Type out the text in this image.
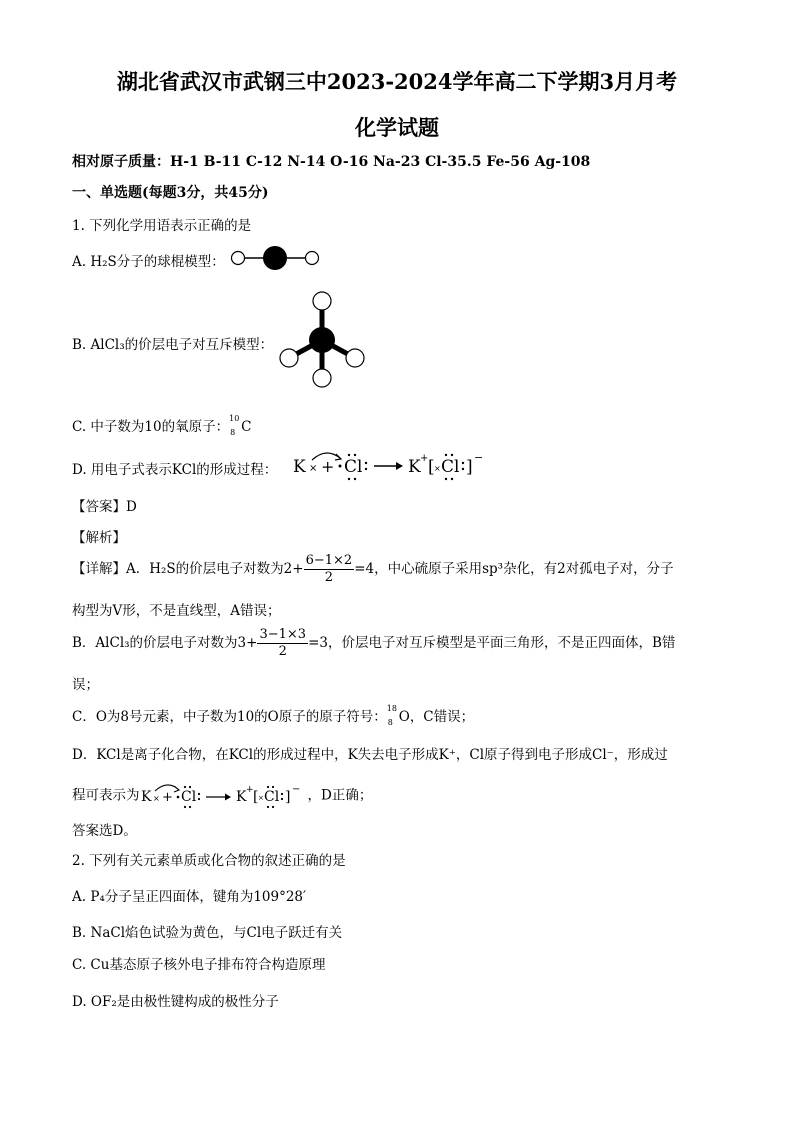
湖北省武汉市武钢三中2023-2024学年高二下学期3月月考
化学试题
相对原子质量：H-1 B-11 C-12 N-14 O-16 Na-23 Cl-35.5 Fe-56 Ag-108
一、单选题(每题3分，共45分)
1. 下列化学用语表示正确的是
A. H₂S分子的球棍模型：
B. AlCl₃的价层电子对互斥模型：
C. 中子数为10的氧原子：
10
8 C
D. 用电子式表示KCl的形成过程： K × + Cl	K + [ × Cl ] −
【答案】D
【解析】
【详解】A．H₂S的价层电子对数为$2+ \frac{6-1\times 2}{2} =4$，中心硫原子采用sp³杂化，有2对孤电子对，分子
构型为V形，不是直线型，A错误；
B．AlCl₃的价层电子对数为$3+ \frac{3-1\times 3}{2} =3$，价层电子对互斥模型是平面三角形，不是正四面体，B错
误；
C．O为8号元素，中子数为10的O原子的原子符号：
18
8 O，C错误；
D．KCl是离子化合物，在KCl的形成过程中，K失去电子形成K⁺，Cl原子得到电子形成Cl⁻，形成过
程可表示为 K × + Cl	K + [ × Cl ] − ，D正确；
答案选D。
2. 下列有关元素单质或化合物的叙述正确的是
A. P₄分子呈正四面体，键角为109°28′
B. NaCl焰色试验为黄色，与Cl电子跃迁有关
C. Cu基态原子核外电子排布符合构造原理
D. OF₂是由极性键构成的极性分子
